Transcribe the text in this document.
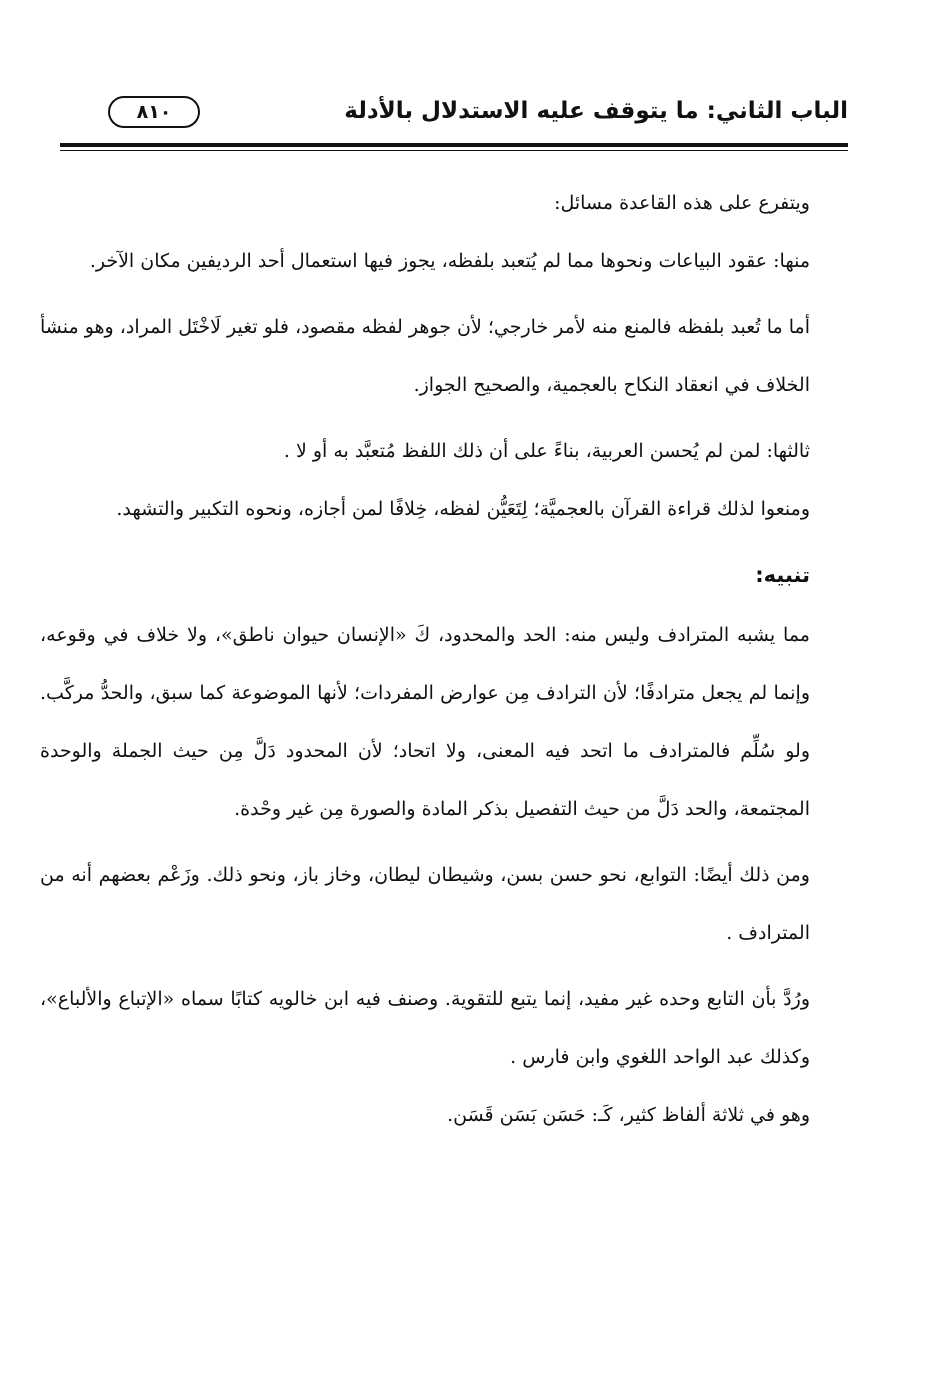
الباب الثاني: ما يتوقف عليه الاستدلال بالأدلة
٨١٠

ويتفرع على هذه القاعدة مسائل:

منها: عقود البياعات ونحوها مما لم يُتعبد بلفظه، يجوز فيها استعمال أحد الرديفين مكان الآخر.

أما ما تُعبد بلفظه فالمنع منه لأمر خارجي؛ لأن جوهر لفظه مقصود، فلو تغير لَاخْتَل المراد، وهو منشأ الخلاف في انعقاد النكاح بالعجمية، والصحيح الجواز.

ثالثها: لمن لم يُحسن العربية، بناءً على أن ذلك اللفظ مُتعبَّد به أو لا .

ومنعوا لذلك قراءة القرآن بالعجميَّة؛ لِتَعَيُّن لفظه، خِلافًا لمن أجازه، ونحوه التكبير والتشهد.

تنبيه:

مما يشبه المترادف وليس منه: الحد والمحدود، كَ «الإنسان حيوان ناطق»، ولا خلاف في وقوعه، وإنما لم يجعل مترادفًا؛ لأن الترادف مِن عوارض المفردات؛ لأنها الموضوعة كما سبق، والحدُّ مركَّب. ولو سُلِّم فالمترادف ما اتحد فيه المعنى، ولا اتحاد؛ لأن المحدود دَلَّ مِن حيث الجملة والوحدة المجتمعة، والحد دَلَّ من حيث التفصيل بذكر المادة والصورة مِن غير وحْدة.

ومن ذلك أيضًا: التوابع، نحو حسن بسن، وشيطان ليطان، وخاز باز، ونحو ذلك. وزَعْم بعضهم أنه من المترادف .

ورُدَّ بأن التابع وحده غير مفيد، إنما يتبع للتقوية. وصنف فيه ابن خالويه كتابًا سماه «الإتباع والألباع»، وكذلك عبد الواحد اللغوي وابن فارس .

وهو في ثلاثة ألفاظ كثير، كَـ: حَسَن بَسَن قَسَن.
